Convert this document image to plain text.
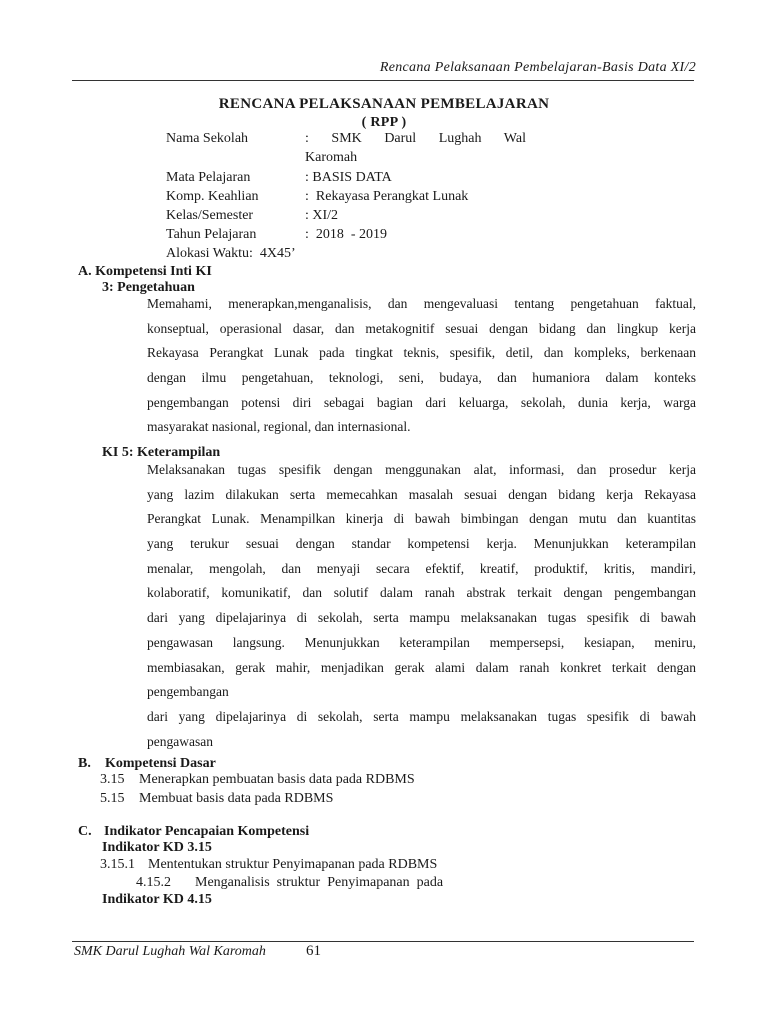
Rencana Pelaksanaan Pembelajaran-Basis Data XI/2
RENCANA PELAKSANAAN PEMBELAJARAN
( RPP )
Nama Sekolah	: SMK Darul Lughah Wal
Karomah
Mata Pelajaran	: BASIS DATA
Komp. Keahlian	:  Rekayasa Perangkat Lunak
Kelas/Semester	: XI/2
Tahun Pelajaran	:  2018  - 2019
Alokasi Waktu:  4X45’
A. Kompetensi Inti KI
3: Pengetahuan

Memahami, menerapkan,menganalisis, dan mengevaluasi tentang pengetahuan faktual,

konseptual, operasional dasar, dan metakognitif sesuai dengan bidang dan lingkup kerja

Rekayasa Perangkat Lunak pada tingkat teknis, spesifik, detil, dan kompleks, berkenaan

dengan ilmu pengetahuan, teknologi, seni, budaya, dan humaniora dalam konteks

pengembangan potensi diri sebagai bagian dari keluarga, sekolah, dunia kerja, warga

masyarakat nasional, regional, dan internasional.

KI 5: Keterampilan

Melaksanakan tugas spesifik dengan menggunakan alat, informasi, dan prosedur kerja

yang lazim dilakukan serta memecahkan masalah sesuai dengan bidang kerja Rekayasa

Perangkat Lunak. Menampilkan kinerja di bawah bimbingan dengan mutu dan kuantitas

yang terukur sesuai dengan standar kompetensi kerja. Menunjukkan keterampilan

menalar, mengolah, dan menyaji secara efektif, kreatif, produktif, kritis, mandiri,

kolaboratif, komunikatif, dan solutif dalam ranah abstrak terkait dengan pengembangan

dari yang dipelajarinya di sekolah, serta mampu melaksanakan tugas spesifik di bawah

pengawasan langsung. Menunjukkan keterampilan mempersepsi, kesiapan, meniru,

membiasakan, gerak mahir, menjadikan gerak alami dalam ranah konkret terkait dengan

pengembangan

dari yang dipelajarinya di sekolah, serta mampu melaksanakan tugas spesifik di bawah

pengawasan

B. Kompetensi Dasar
3.15 Menerapkan pembuatan basis data pada RDBMS
5.15 Membuat basis data pada RDBMS
C. Indikator Pencapaian Kompetensi
Indikator KD 3.15
3.15.1 Mententukan struktur Penyimapanan pada RDBMS
4.15.2 Menganalisis  struktur  Penyimapanan  pada
Indikator KD 4.15
SMK Darul Lughah Wal Karomah	61
